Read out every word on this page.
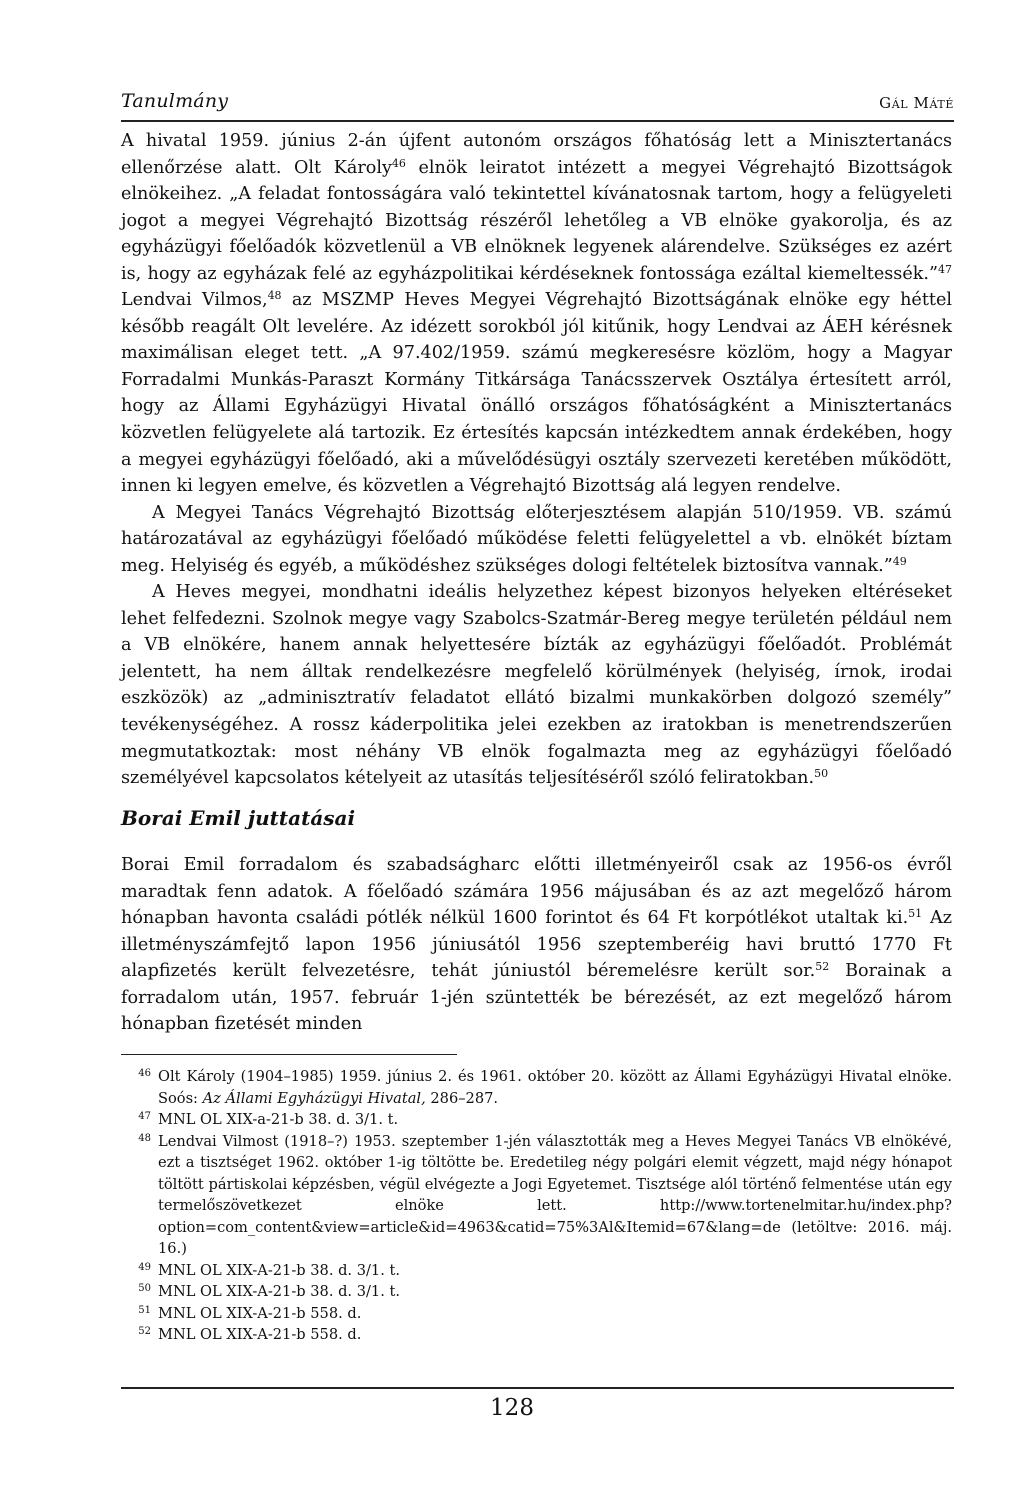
Tanulmány	Gál Máté

A hivatal 1959. június 2-án újfent autonóm országos főhatóság lett a Minisztertanács ellenőrzése alatt. Olt Károly$^{46}$ elnök leiratot intézett a megyei Végrehajtó Bizottságok elnökeihez. „A feladat fontosságára való tekintettel kívánatosnak tartom, hogy a felügyeleti jogot a megyei Végrehajtó Bizottság részéről lehetőleg a VB elnöke gyakorolja, és az egyházügyi főelőadók közvetlenül a VB elnöknek legyenek alárendelve. Szükséges ez azért is, hogy az egyházak felé az egyházpolitikai kérdéseknek fontossága ezáltal kiemeltessék.”$^{47}$ Lendvai Vilmos,$^{48}$ az MSZMP Heves Megyei Végrehajtó Bizottságának elnöke egy héttel később reagált Olt levelére. Az idézett sorokból jól kitűnik, hogy Lendvai az ÁEH kérésnek maximálisan eleget tett. „A 97.402/1959. számú megkeresésre közlöm, hogy a Magyar Forradalmi Munkás-Paraszt Kormány Titkársága Tanácsszervek Osztálya értesített arról, hogy az Állami Egyházügyi Hivatal önálló országos főhatóságként a Minisztertanács közvetlen felügyelete alá tartozik. Ez értesítés kapcsán intézkedtem annak érdekében, hogy a megyei egyházügyi főelőadó, aki a művelődésügyi osztály szervezeti keretében működött, innen ki legyen emelve, és közvetlen a Végrehajtó Bizottság alá legyen rendelve.

A Megyei Tanács Végrehajtó Bizottság előterjesztésem alapján 510/1959. VB. számú határozatával az egyházügyi főelőadó működése feletti felügyelettel a vb. elnökét bíztam meg. Helyiség és egyéb, a működéshez szükséges dologi feltételek biztosítva vannak.”$^{49}$

A Heves megyei, mondhatni ideális helyzethez képest bizonyos helyeken eltéréseket lehet felfedezni. Szolnok megye vagy Szabolcs-Szatmár-Bereg megye területén például nem a VB elnökére, hanem annak helyettesére bízták az egyházügyi főelőadót. Problémát jelentett, ha nem álltak rendelkezésre megfelelő körülmények (helyiség, írnok, irodai eszközök) az „adminisztratív feladatot ellátó bizalmi munkakörben dolgozó személy” tevékenységéhez. A rossz káderpolitika jelei ezekben az iratokban is menetrendszerűen megmutatkoztak: most néhány VB elnök fogalmazta meg az egyházügyi főelőadó személyével kapcsolatos kételyeit az utasítás teljesítéséről szóló feliratokban.$^{50}$

Borai Emil juttatásai

Borai Emil forradalom és szabadságharc előtti illetményeiről csak az 1956-os évről maradtak fenn adatok. A főelőadó számára 1956 májusában és az azt megelőző három hónapban havonta családi pótlék nélkül 1600 forintot és 64 Ft korpótlékot utaltak ki.$^{51}$ Az illetményszámfejtő lapon 1956 júniusától 1956 szeptemberéig havi bruttó 1770 Ft alapfizetés került felvezetésre, tehát júniustól béremelésre került sor.$^{52}$ Borainak a forradalom után, 1957. február 1-jén szüntették be bérezését, az ezt megelőző három hónapban fizetését minden

46 Olt Károly (1904–1985) 1959. június 2. és 1961. október 20. között az Állami Egyházügyi Hivatal elnöke. Soós: Az Állami Egyházügyi Hivatal, 286–287.

47 MNL OL XIX-a-21-b 38. d. 3/1. t.

48 Lendvai Vilmost (1918–?) 1953. szeptember 1-jén választották meg a Heves Megyei Tanács VB elnökévé, ezt a tisztséget 1962. október 1-ig töltötte be. Eredetileg négy polgári elemit végzett, majd négy hónapot töltött pártiskolai képzésben, végül elvégezte a Jogi Egyetemet. Tisztsége alól történő felmentése után egy termelőszövetkezet elnöke lett. http://www.tortenelmitar.hu/index.php?option=com_content&view=article&id=4963&catid=75%3Al&Itemid=67&lang=de (letöltve: 2016. máj. 16.)

49 MNL OL XIX-A-21-b 38. d. 3/1. t.

50 MNL OL XIX-A-21-b 38. d. 3/1. t.

51 MNL OL XIX-A-21-b 558. d.

52 MNL OL XIX-A-21-b 558. d.

128
